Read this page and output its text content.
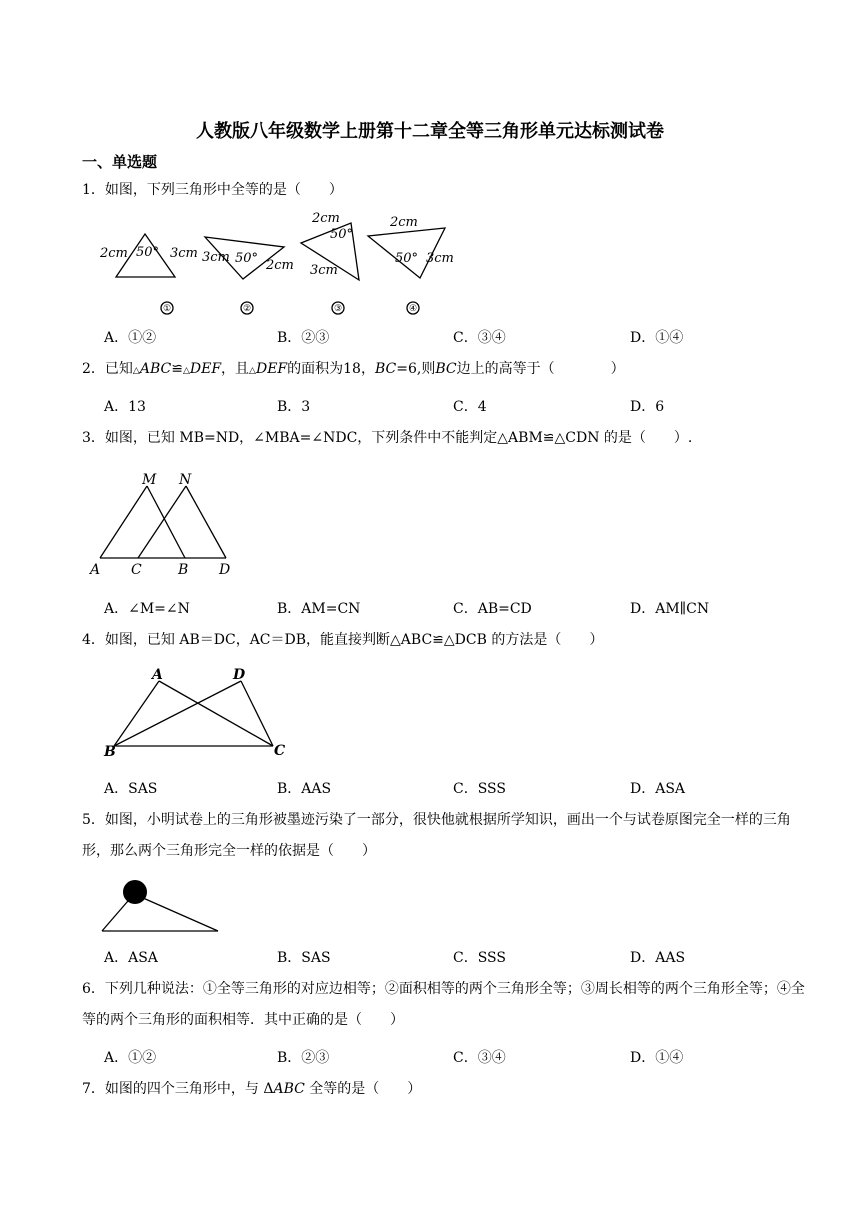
人教版八年级数学上册第十二章全等三角形单元达标测试卷
一、单选题
1．如图，下列三角形中全等的是（　　）
2cm 50° 3cm 3cm 50° 2cm
2cm
50°
3cm
2cm
50° 3cm
①	②	③	④
A．①②	B．②③	C．③④	D．①④
2．已知△ABC≌△DEF，且△DEF的面积为18，BC=6,则BC边上的高等于（　　　　）
A．13	B．3	C．4	D．6
3．如图，已知 MB=ND，∠MBA=∠NDC，下列条件中不能判定△ABM≌△CDN 的是（　　）.
M N
A C	B D
A．∠M=∠N	B．AM=CN	C．AB=CD	D．AM∥CN
4．如图，已知 AB＝DC，AC＝DB，能直接判断△ABC≌△DCB 的方法是（　　）
A	D
B	C
A．SAS	B．AAS	C．SSS	D．ASA
5．如图，小明试卷上的三角形被墨迹污染了一部分，很快他就根据所学知识，画出一个与试卷原图完全一样的三角形，那么两个三角形完全一样的依据是（　　）
A．ASA	B．SAS	C．SSS	D．AAS
6．下列几种说法：①全等三角形的对应边相等；②面积相等的两个三角形全等；③周长相等的两个三角形全等；④全等的两个三角形的面积相等．其中正确的是（　　）
A．①②	B．②③	C．③④	D．①④
7．如图的四个三角形中，与 ΔABC 全等的是（　　）
